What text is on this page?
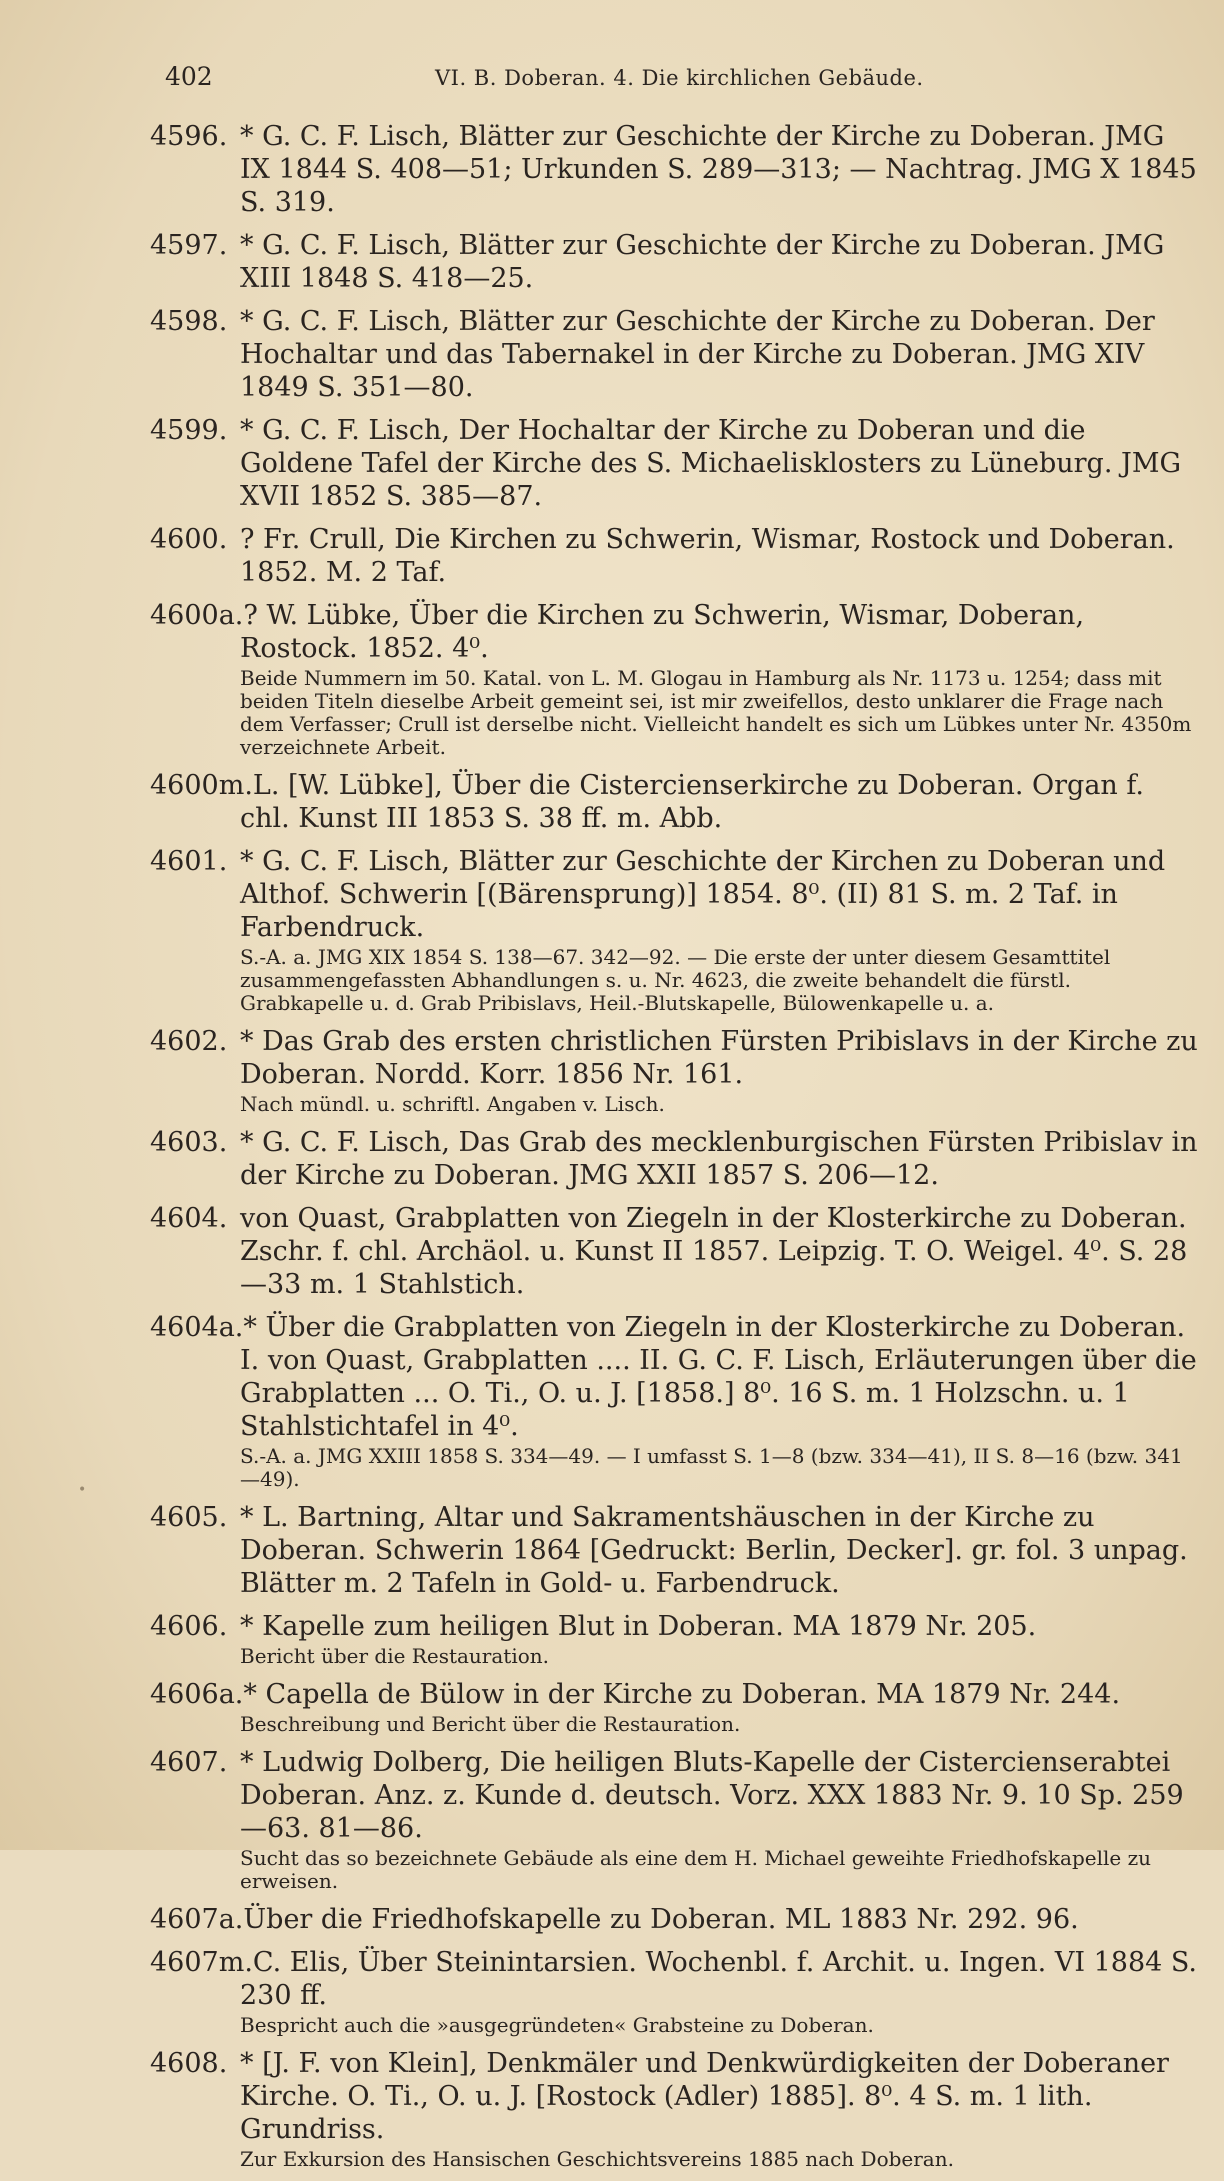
402	VI. B. Doberan. 4. Die kirchlichen Gebäude.
4596. * G. C. F. Lisch, Blätter zur Geschichte der Kirche zu Doberan. JMG IX 1844 S. 408—51; Urkunden S. 289—313; — Nachtrag. JMG X 1845 S. 319.
4597. * G. C. F. Lisch, Blätter zur Geschichte der Kirche zu Doberan. JMG XIII 1848 S. 418—25.
4598. * G. C. F. Lisch, Blätter zur Geschichte der Kirche zu Doberan. Der Hochaltar und das Tabernakel in der Kirche zu Doberan. JMG XIV 1849 S. 351—80.
4599. * G. C. F. Lisch, Der Hochaltar der Kirche zu Doberan und die Goldene Tafel der Kirche des S. Michaelisklosters zu Lüneburg. JMG XVII 1852 S. 385—87.
4600. ? Fr. Crull, Die Kirchen zu Schwerin, Wismar, Rostock und Doberan. 1852. M. 2 Taf.
4600a.? W. Lübke, Über die Kirchen zu Schwerin, Wismar, Doberan, Rostock. 1852. 4⁰.
Beide Nummern im 50. Katal. von L. M. Glogau in Hamburg als Nr. 1173 u. 1254; dass mit beiden Titeln dieselbe Arbeit gemeint sei, ist mir zweifellos, desto unklarer die Frage nach dem Verfasser; Crull ist derselbe nicht. Vielleicht handelt es sich um Lübkes unter Nr. 4350m verzeichnete Arbeit.
4600m.L. [W. Lübke], Über die Cistercienserkirche zu Doberan. Organ f. chl. Kunst III 1853 S. 38 ff. m. Abb.
4601. * G. C. F. Lisch, Blätter zur Geschichte der Kirchen zu Doberan und Althof. Schwerin [(Bärensprung)] 1854. 8⁰. (II) 81 S. m. 2 Taf. in Farbendruck.
S.-A. a. JMG XIX 1854 S. 138—67. 342—92. — Die erste der unter diesem Gesamttitel zusammengefassten Abhandlungen s. u. Nr. 4623, die zweite behandelt die fürstl. Grabkapelle u. d. Grab Pribislavs, Heil.-Blutskapelle, Bülowenkapelle u. a.
4602. * Das Grab des ersten christlichen Fürsten Pribislavs in der Kirche zu Doberan. Nordd. Korr. 1856 Nr. 161.
Nach mündl. u. schriftl. Angaben v. Lisch.
4603. * G. C. F. Lisch, Das Grab des mecklenburgischen Fürsten Pribislav in der Kirche zu Doberan. JMG XXII 1857 S. 206—12.
4604. von Quast, Grabplatten von Ziegeln in der Klosterkirche zu Doberan. Zschr. f. chl. Archäol. u. Kunst II 1857. Leipzig. T. O. Weigel. 4⁰. S. 28—33 m. 1 Stahlstich.
4604a.* Über die Grabplatten von Ziegeln in der Klosterkirche zu Doberan. I. von Quast, Grabplatten .... II. G. C. F. Lisch, Erläuterungen über die Grabplatten ... O. Ti., O. u. J. [1858.] 8⁰. 16 S. m. 1 Holzschn. u. 1 Stahlstichtafel in 4⁰.
S.-A. a. JMG XXIII 1858 S. 334—49. — I umfasst S. 1—8 (bzw. 334—41), II S. 8—16 (bzw. 341—49).
4605. * L. Bartning, Altar und Sakramentshäuschen in der Kirche zu Doberan. Schwerin 1864 [Gedruckt: Berlin, Decker]. gr. fol. 3 unpag. Blätter m. 2 Tafeln in Gold- u. Farbendruck.
4606. * Kapelle zum heiligen Blut in Doberan. MA 1879 Nr. 205.
Bericht über die Restauration.
4606a.* Capella de Bülow in der Kirche zu Doberan. MA 1879 Nr. 244.
Beschreibung und Bericht über die Restauration.
4607. * Ludwig Dolberg, Die heiligen Bluts-Kapelle der Cistercienserabtei Doberan. Anz. z. Kunde d. deutsch. Vorz. XXX 1883 Nr. 9. 10 Sp. 259—63. 81—86.
Sucht das so bezeichnete Gebäude als eine dem H. Michael geweihte Friedhofskapelle zu erweisen.
4607a.Über die Friedhofskapelle zu Doberan. ML 1883 Nr. 292. 96.
4607m.C. Elis, Über Steinintarsien. Wochenbl. f. Archit. u. Ingen. VI 1884 S. 230 ff.
Bespricht auch die »ausgegründeten« Grabsteine zu Doberan.
4608. * [J. F. von Klein], Denkmäler und Denkwürdigkeiten der Doberaner Kirche. O. Ti., O. u. J. [Rostock (Adler) 1885]. 8⁰. 4 S. m. 1 lith. Grundriss.
Zur Exkursion des Hansischen Geschichtsvereins 1885 nach Doberan.
•
